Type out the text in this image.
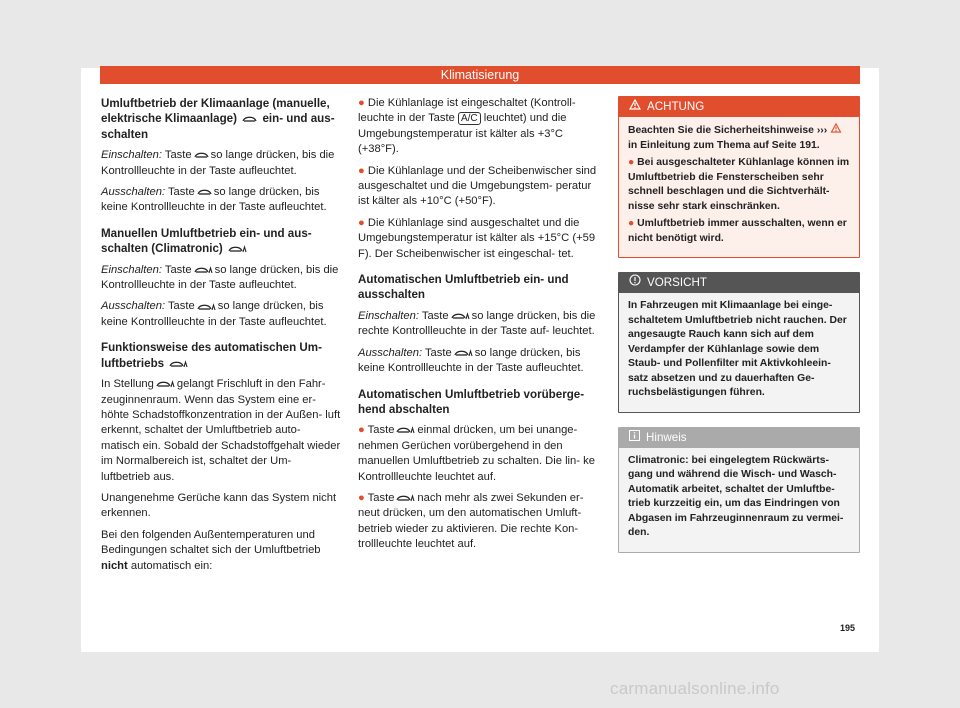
Klimatisierung
Umluftbetrieb der Klimaanlage (manuelle, elektrische Klimaanlage) ein- und aus- schalten

Einschalten: Taste so lange drücken, bis die Kontrollleuchte in der Taste aufleuchtet.

Ausschalten: Taste so lange drücken, bis keine Kontrollleuchte in der Taste aufleuchtet.

Manuellen Umluftbetrieb ein- und aus- schalten (Climatronic)

Einschalten: Taste so lange drücken, bis die Kontrollleuchte in der Taste aufleuchtet.

Ausschalten: Taste so lange drücken, bis keine Kontrollleuchte in der Taste aufleuchtet.

Funktionsweise des automatischen Um- luftbetriebs

In Stellung gelangt Frischluft in den Fahr- zeuginnenraum. Wenn das System eine er- höhte Schadstoffkonzentration in der Außen- luft erkennt, schaltet der Umluftbetrieb auto- matisch ein. Sobald der Schadstoffgehalt wieder im Normalbereich ist, schaltet der Um- luftbetrieb aus.

Unangenehme Gerüche kann das System nicht erkennen.

Bei den folgenden Außentemperaturen und Bedingungen schaltet sich der Umluftbetrieb nicht automatisch ein:

● Die Kühlanlage ist eingeschaltet (Kontroll- leuchte in der Taste A/C leuchtet) und die Umgebungstemperatur ist kälter als +3°C (+38°F).

● Die Kühlanlage und der Scheibenwischer sind ausgeschaltet und die Umgebungstem- peratur ist kälter als +10°C (+50°F).

● Die Kühlanlage sind ausgeschaltet und die Umgebungstemperatur ist kälter als +15°C (+59 F). Der Scheibenwischer ist eingeschal- tet.

Automatischen Umluftbetrieb ein- und ausschalten

Einschalten: Taste so lange drücken, bis die rechte Kontrollleuchte in der Taste auf- leuchtet.

Ausschalten: Taste so lange drücken, bis keine Kontrollleuchte in der Taste aufleuchtet.

Automatischen Umluftbetrieb vorüberge- hend abschalten

● Taste einmal drücken, um bei unange- nehmen Gerüchen vorübergehend in den manuellen Umluftbetrieb zu schalten. Die lin- ke Kontrollleuchte leuchtet auf.

● Taste nach mehr als zwei Sekunden er- neut drücken, um den automatischen Umluft- betrieb wieder zu aktivieren. Die rechte Kon- trollleuchte leuchtet auf.

ACHTUNG

Beachten Sie die Sicherheitshinweise ›››  in Einleitung zum Thema auf Seite 191.

● Bei ausgeschalteter Kühlanlage können im Umluftbetrieb die Fensterscheiben sehr schnell beschlagen und die Sichtverhält- nisse sehr stark einschränken.

● Umluftbetrieb immer ausschalten, wenn er nicht benötigt wird.

VORSICHT

In Fahrzeugen mit Klimaanlage bei einge- schaltetem Umluftbetrieb nicht rauchen. Der angesaugte Rauch kann sich auf dem Verdampfer der Kühlanlage sowie dem Staub- und Pollenfilter mit Aktivkohleein- satz absetzen und zu dauerhaften Ge- ruchsbelästigungen führen.

Hinweis

Climatronic: bei eingelegtem Rückwärts- gang und während die Wisch- und Wasch- Automatik arbeitet, schaltet der Umluftbe- trieb kurzzeitig ein, um das Eindringen von Abgasen im Fahrzeuginnenraum zu vermei- den.

195
carmanualsonline.info
